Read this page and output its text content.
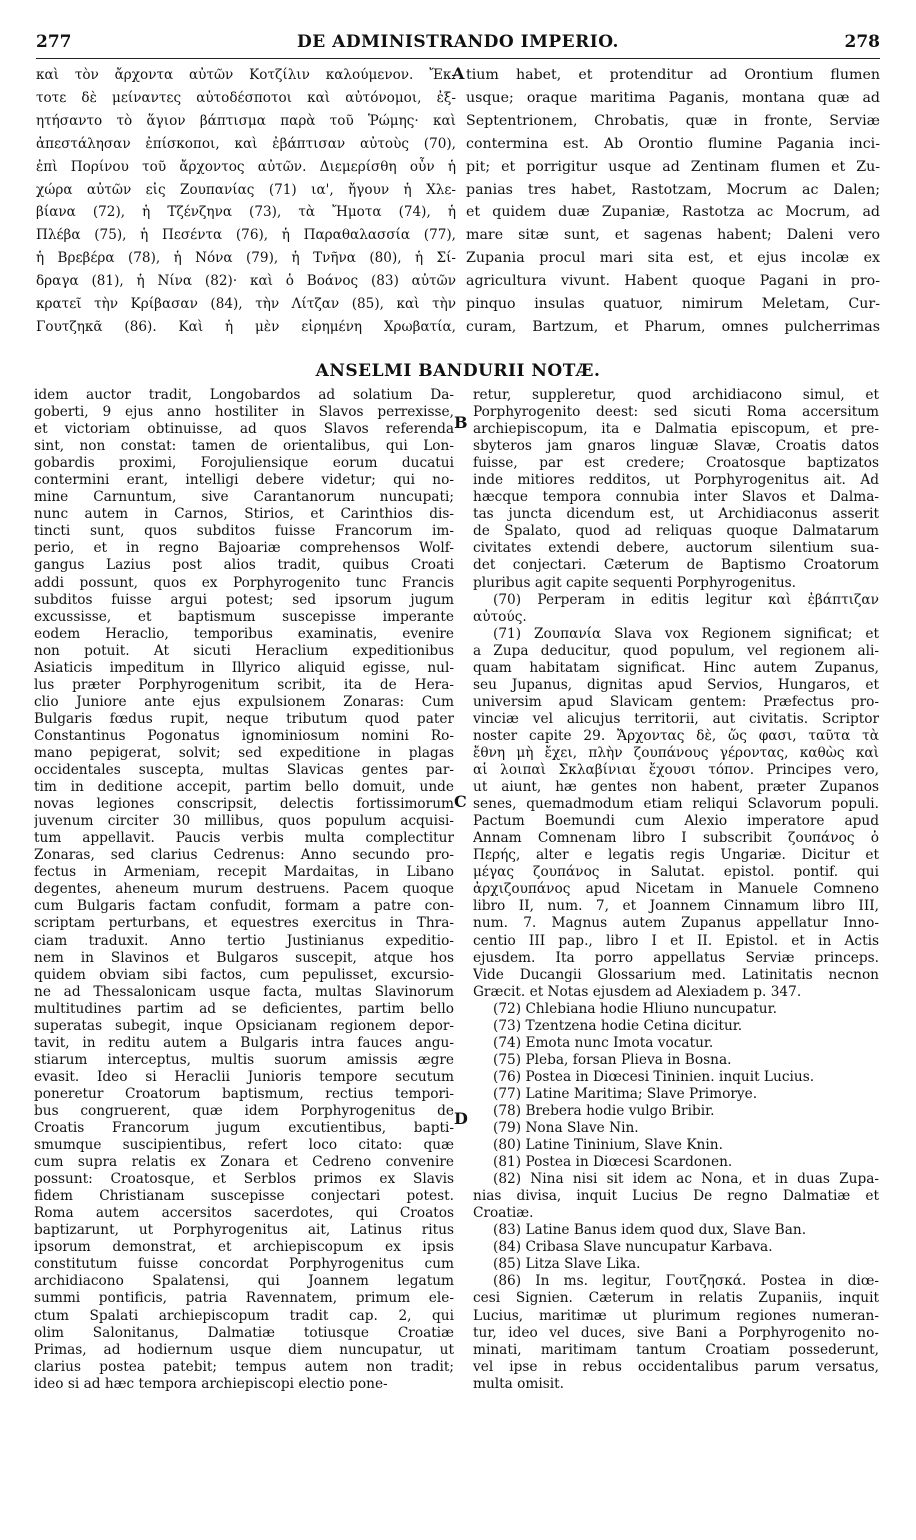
277	DE ADMINISTRANDO IMPERIO.	278

καὶ τὸν ἄρχοντα αὐτῶν Κοτζίλιν καλούμενον. Ἔκ-

τοτε δὲ μείναντες αὐτοδέσποτοι καὶ αὐτόνομοι, ἐξ-

ητήσαντο τὸ ἅγιον βάπτισμα παρὰ τοῦ Ῥώμης· καὶ

ἀπεστάλησαν ἐπίσκοποι, καὶ ἐβάπτισαν αὐτοὺς (70),

ἐπὶ Πορίνου τοῦ ἄρχοντος αὐτῶν. Διεμερίσθη οὖν ἡ

χώρα αὐτῶν εἰς Ζουπανίας (71) ια', ἤγουν ἡ Χλε-

βίανα (72), ἡ Τζένζηνα (73), τὰ Ἤμοτα (74), ἡ

Πλέβα (75), ἡ Πεσέντα (76), ἡ Παραθαλασσία (77),

ἡ Βρεβέρα (78), ἡ Νόνα (79), ἡ Τνῆνα (80), ἡ Σί-

δραγα (81), ἡ Νίνα (82)· καὶ ὁ Βοάνος (83) αὐτῶν

κρατεῖ τὴν Κρίβασαν (84), τὴν Λίτζαν (85), καὶ τὴν

Γουτζηκᾶ (86). Καὶ ἡ μὲν εἰρημένη Χρωβατία,

tium habet, et protenditur ad Orontium flumen

usque; oraque maritima Paganis, montana quæ ad

Septentrionem, Chrobatis, quæ in fronte, Serviæ

contermina est. Ab Orontio flumine Pagania inci-

pit; et porrigitur usque ad Zentinam flumen et Zu-

panias tres habet, Rastotzam, Mocrum ac Dalen;

et quidem duæ Zupaniæ, Rastotza ac Mocrum, ad

mare sitæ sunt, et sagenas habent; Daleni vero

Zupania procul mari sita est, et ejus incolæ ex

agricultura vivunt. Habent quoque Pagani in pro-

pinquo insulas quatuor, nimirum Meletam, Cur-

curam, Bartzum, et Pharum, omnes pulcherrimas

A
ANSELMI BANDURII NOTÆ.

idem auctor tradit, Longobardos ad solatium Da-

goberti, 9 ejus anno hostiliter in Slavos perrexisse,

et victoriam obtinuisse, ad quos Slavos referenda

sint, non constat: tamen de orientalibus, qui Lon-

gobardis proximi, Forojuliensique eorum ducatui

contermini erant, intelligi debere videtur; qui no-

mine Carnuntum, sive Carantanorum nuncupati;

nunc autem in Carnos, Stirios, et Carinthios dis-

tincti sunt, quos subditos fuisse Francorum im-

perio, et in regno Bajoariæ comprehensos Wolf-

gangus Lazius post alios tradit, quibus Croati

addi possunt, quos ex Porphyrogenito tunc Francis

subditos fuisse argui potest; sed ipsorum jugum

excussisse, et baptismum suscepisse imperante

eodem Heraclio, temporibus examinatis, evenire

non potuit. At sicuti Heraclium expeditionibus

Asiaticis impeditum in Illyrico aliquid egisse, nul-

lus præter Porphyrogenitum scribit, ita de Hera-

clio Juniore ante ejus expulsionem Zonaras: Cum

Bulgaris fœdus rupit, neque tributum quod pater

Constantinus Pogonatus ignominiosum nomini Ro-

mano pepigerat, solvit; sed expeditione in plagas

occidentales suscepta, multas Slavicas gentes par-

tim in deditione accepit, partim bello domuit, unde

novas legiones conscripsit, delectis fortissimorum

juvenum circiter 30 millibus, quos populum acquisi-

tum appellavit. Paucis verbis multa complectitur

Zonaras, sed clarius Cedrenus: Anno secundo pro-

fectus in Armeniam, recepit Mardaitas, in Libano

degentes, aheneum murum destruens. Pacem quoque

cum Bulgaris factam confudit, formam a patre con-

scriptam perturbans, et equestres exercitus in Thra-

ciam traduxit. Anno tertio Justinianus expeditio-

nem in Slavinos et Bulgaros suscepit, atque hos

quidem obviam sibi factos, cum pepulisset, excursio-

ne ad Thessalonicam usque facta, multas Slavinorum

multitudines partim ad se deficientes, partim bello

superatas subegit, inque Opsicianam regionem depor-

tavit, in reditu autem a Bulgaris intra fauces angu-

stiarum interceptus, multis suorum amissis ægre

evasit. Ideo si Heraclii Junioris tempore secutum

poneretur Croatorum baptismum, rectius tempori-

bus congruerent, quæ idem Porphyrogenitus de

Croatis Francorum jugum excutientibus, bapti-

smumque suscipientibus, refert loco citato: quæ

cum supra relatis ex Zonara et Cedreno convenire

possunt: Croatosque, et Serblos primos ex Slavis

fidem Christianam suscepisse conjectari potest.

Roma autem accersitos sacerdotes, qui Croatos

baptizarunt, ut Porphyrogenitus ait, Latinus ritus

ipsorum demonstrat, et archiepiscopum ex ipsis

constitutum fuisse concordat Porphyrogenitus cum

archidiacono Spalatensi, qui Joannem legatum

summi pontificis, patria Ravennatem, primum ele-

ctum Spalati archiepiscopum tradit cap. 2, qui

olim Salonitanus, Dalmatiæ totiusque Croatiæ

Primas, ad hodiernum usque diem nuncupatur, ut

clarius postea patebit; tempus autem non tradit;

ideo si ad hæc tempora archiepiscopi electio pone-

retur, suppleretur, quod archidiacono simul, et

Porphyrogenito deest: sed sicuti Roma accersitum

archiepiscopum, ita e Dalmatia episcopum, et pre-

sbyteros jam gnaros linguæ Slavæ, Croatis datos

fuisse, par est credere; Croatosque baptizatos

inde mitiores redditos, ut Porphyrogenitus ait. Ad

hæcque tempora connubia inter Slavos et Dalma-

tas juncta dicendum est, ut Archidiaconus asserit

de Spalato, quod ad reliquas quoque Dalmatarum

civitates extendi debere, auctorum silentium sua-

det conjectari. Cæterum de Baptismo Croatorum

pluribus agit capite sequenti Porphyrogenitus.

(70) Perperam in editis legitur καὶ ἐβάπτιζαν

αὐτούς.

(71) Ζουπανία Slava vox Regionem significat; et

a Zupa deducitur, quod populum, vel regionem ali-

quam habitatam significat. Hinc autem Zupanus,

seu Jupanus, dignitas apud Servios, Hungaros, et

universim apud Slavicam gentem: Præfectus pro-

vinciæ vel alicujus territorii, aut civitatis. Scriptor

noster capite 29. Ἄρχοντας δὲ, ὥς φασι, ταῦτα τὰ

ἔθνη μὴ ἔχει, πλὴν ζουπάνους γέροντας, καθὼς καὶ

αἱ λοιπαὶ Σκλαβίνιαι ἔχουσι τόπον. Principes vero,

ut aiunt, hæ gentes non habent, præter Zupanos

senes, quemadmodum etiam reliqui Sclavorum populi.

Pactum Boemundi cum Alexio imperatore apud

Annam Comnenam libro I subscribit ζουπάνος ὁ

Περής, alter e legatis regis Ungariæ. Dicitur et

μέγας ζουπάνος in Salutat. epistol. pontif. qui

ἀρχιζουπάνος apud Nicetam in Manuele Comneno

libro II, num. 7, et Joannem Cinnamum libro III,

num. 7. Magnus autem Zupanus appellatur Inno-

centio III pap., libro I et II. Epistol. et in Actis

ejusdem. Ita porro appellatus Serviæ princeps.

Vide Ducangii Glossarium med. Latinitatis necnon

Græcit. et Notas ejusdem ad Alexiadem p. 347.

(72) Chlebiana hodie Hliuno nuncupatur.

(73) Tzentzena hodie Cetina dicitur.

(74) Emota nunc Imota vocatur.

(75) Pleba, forsan Plieva in Bosna.

(76) Postea in Diœcesi Tininien. inquit Lucius.

(77) Latine Maritima; Slave Primorye.

(78) Brebera hodie vulgo Bribir.

(79) Nona Slave Nin.

(80) Latine Tininium, Slave Knin.

(81) Postea in Diœcesi Scardonen.

(82) Nina nisi sit idem ac Nona, et in duas Zupa-

nias divisa, inquit Lucius De regno Dalmatiæ et

Croatiæ.

(83) Latine Banus idem quod dux, Slave Ban.

(84) Cribasa Slave nuncupatur Karbava.

(85) Litza Slave Lika.

(86) In ms. legitur, Γουτζησκά. Postea in diœ-

cesi Signien. Cæterum in relatis Zupaniis, inquit

Lucius, maritimæ ut plurimum regiones numeran-

tur, ideo vel duces, sive Bani a Porphyrogenito no-

minati, maritimam tantum Croatiam possederunt,

vel ipse in rebus occidentalibus parum versatus,

multa omisit.

B
C
D
